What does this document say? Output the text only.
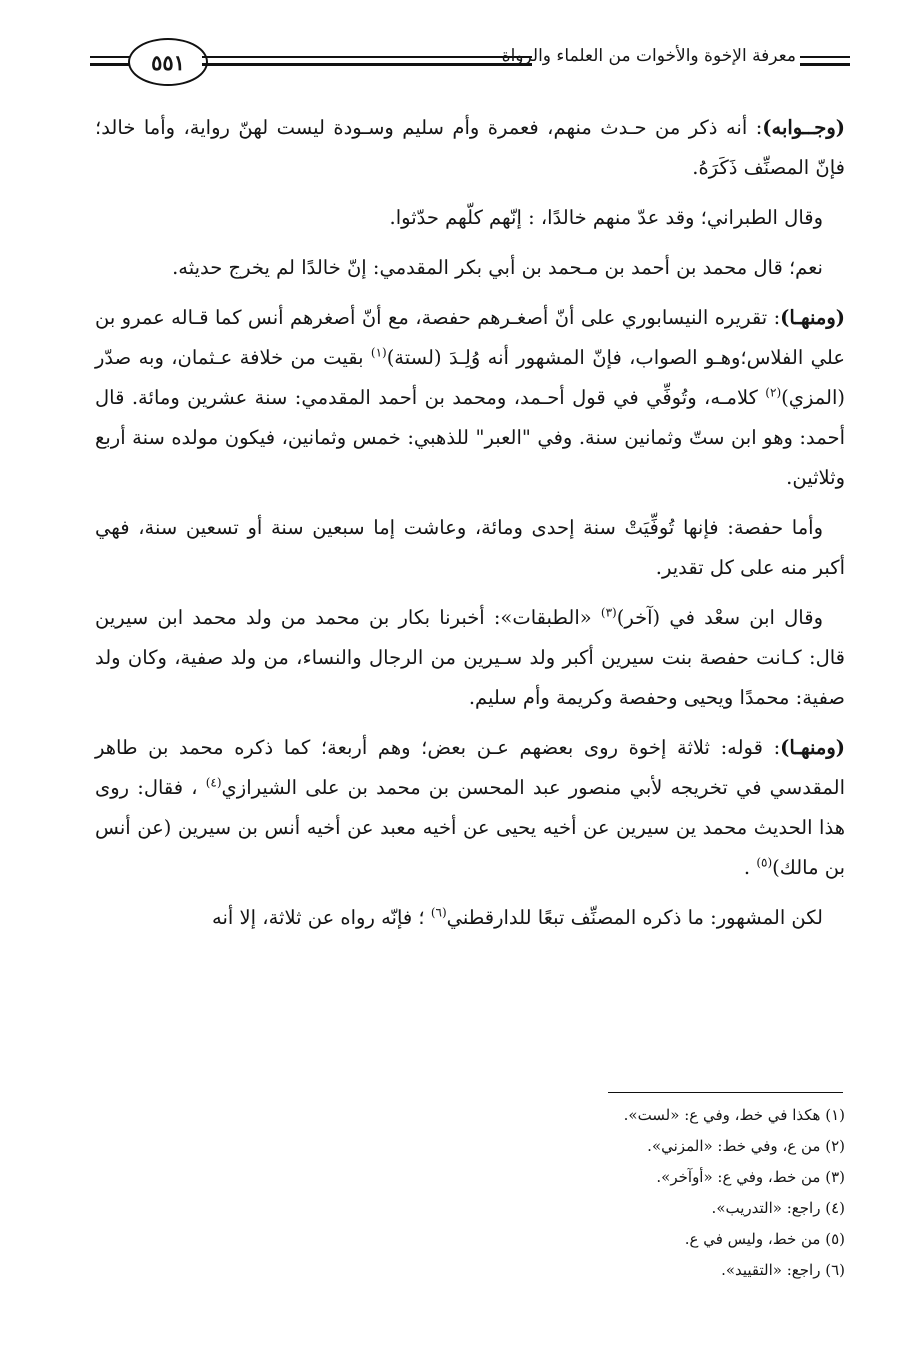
٥٥١	معرفة الإخوة والأخوات من العلماء والرواة

(وجــوابه): أنه ذكر من حـدث منهم، فعمرة وأم سليم وسـودة ليست لهنّ رواية، وأما خالد؛ فإنّ المصنِّف ذَكَرَهُ.

وقال الطبراني؛ وقد عدّ منهم خالدًا، : إنّهم كلّهم حدّثوا.

نعم؛ قال محمد بن أحمد بن مـحمد بن أبي بكر المقدمي: إنّ خالدًا لم يخرج حديثه.

(ومنهـا): تقريره النيسابوري على أنّ أصغـرهم حفصة، مع أنّ أصغرهم أنس كما قـاله عمرو بن علي الفلاس؛وهـو الصواب، فإنّ المشهور أنه وُلِـدَ (لستة)$^{(١)}$ بقيت من خلافة عـثمان، وبه صدّر (المزي)$^{(٢)}$ كلامـه، وتُوفِّي في قول أحـمد، ومحمد بن أحمد المقدمي: سنة عشرين ومائة. قال أحمد: وهو ابن ستّ وثمانين سنة. وفي "العبر" للذهبي: خمس وثمانين، فيكون مولده سنة أربع وثلاثين.

وأما حفصة: فإنها تُوفِّيَتْ سنة إحدى ومائة، وعاشت إما سبعين سنة أو تسعين سنة، فهي أكبر منه على كل تقدير.

وقال ابن سعْد في (آخر)$^{(٣)}$ «الطبقات»: أخبرنا بكار بن محمد من ولد محمد ابن سيرين قال: كـانت حفصة بنت سيرين أكبر ولد سـيرين من الرجال والنساء، من ولد صفية، وكان ولد صفية: محمدًا ويحيى وحفصة وكريمة وأم سليم.

(ومنهـا): قوله: ثلاثة إخوة روى بعضهم عـن بعض؛ وهم أربعة؛ كما ذكره محمد بن طاهر المقدسي في تخريجه لأبي منصور عبد المحسن بن محمد بن على الشيرازي$^{(٤)}$ ، فقال: روى هذا الحديث محمد ين سيرين عن أخيه يحيى عن أخيه معبد عن أخيه أنس بن سيرين (عن أنس بن مالك)$^{(٥)}$ .

لكن المشهور: ما ذكره المصنِّف تبعًا للدارقطني$^{(٦)}$ ؛ فإنّه رواه عن ثلاثة، إلا أنه

(١) هكذا في خط، وفي ع: «لست».
(٢) من ع، وفي خط: «المزني».
(٣) من خط، وفي ع: «أوآخر».
(٤) راجع: «التدريب».
(٥) من خط، وليس في ع.
(٦) راجع: «التقييد».
